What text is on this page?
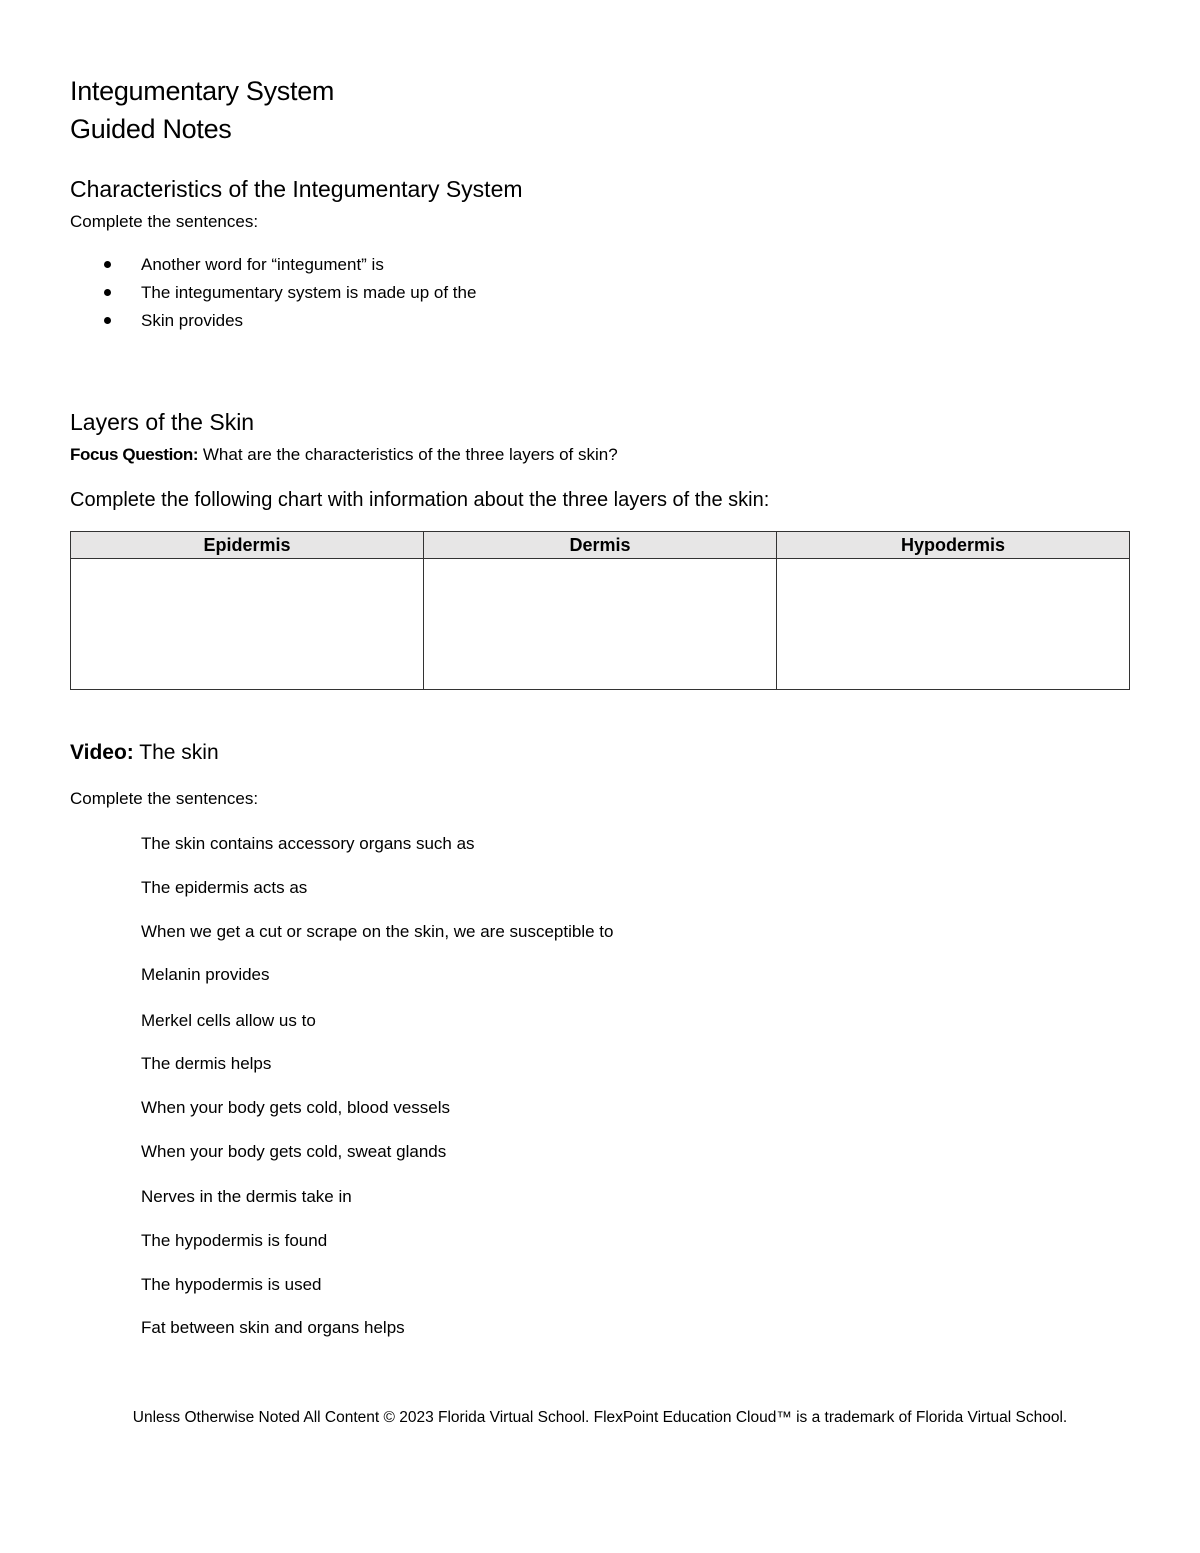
Integumentary System
Guided Notes
Characteristics of the Integumentary System
Complete the sentences:
Another word for “integument” is
The integumentary system is made up of the
Skin provides
Layers of the Skin
Focus Question: What are the characteristics of the three layers of skin?
Complete the following chart with information about the three layers of the skin:
Epidermis	Dermis	Hypodermis

Video: The skin
Complete the sentences:
The skin contains accessory organs such as
The epidermis acts as
When we get a cut or scrape on the skin, we are susceptible to
Melanin provides
Merkel cells allow us to
The dermis helps
When your body gets cold, blood vessels
When your body gets cold, sweat glands
Nerves in the dermis take in
The hypodermis is found
The hypodermis is used
Fat between skin and organs helps
Unless Otherwise Noted All Content © 2023 Florida Virtual School. FlexPoint Education Cloud™ is a trademark of Florida Virtual School.
